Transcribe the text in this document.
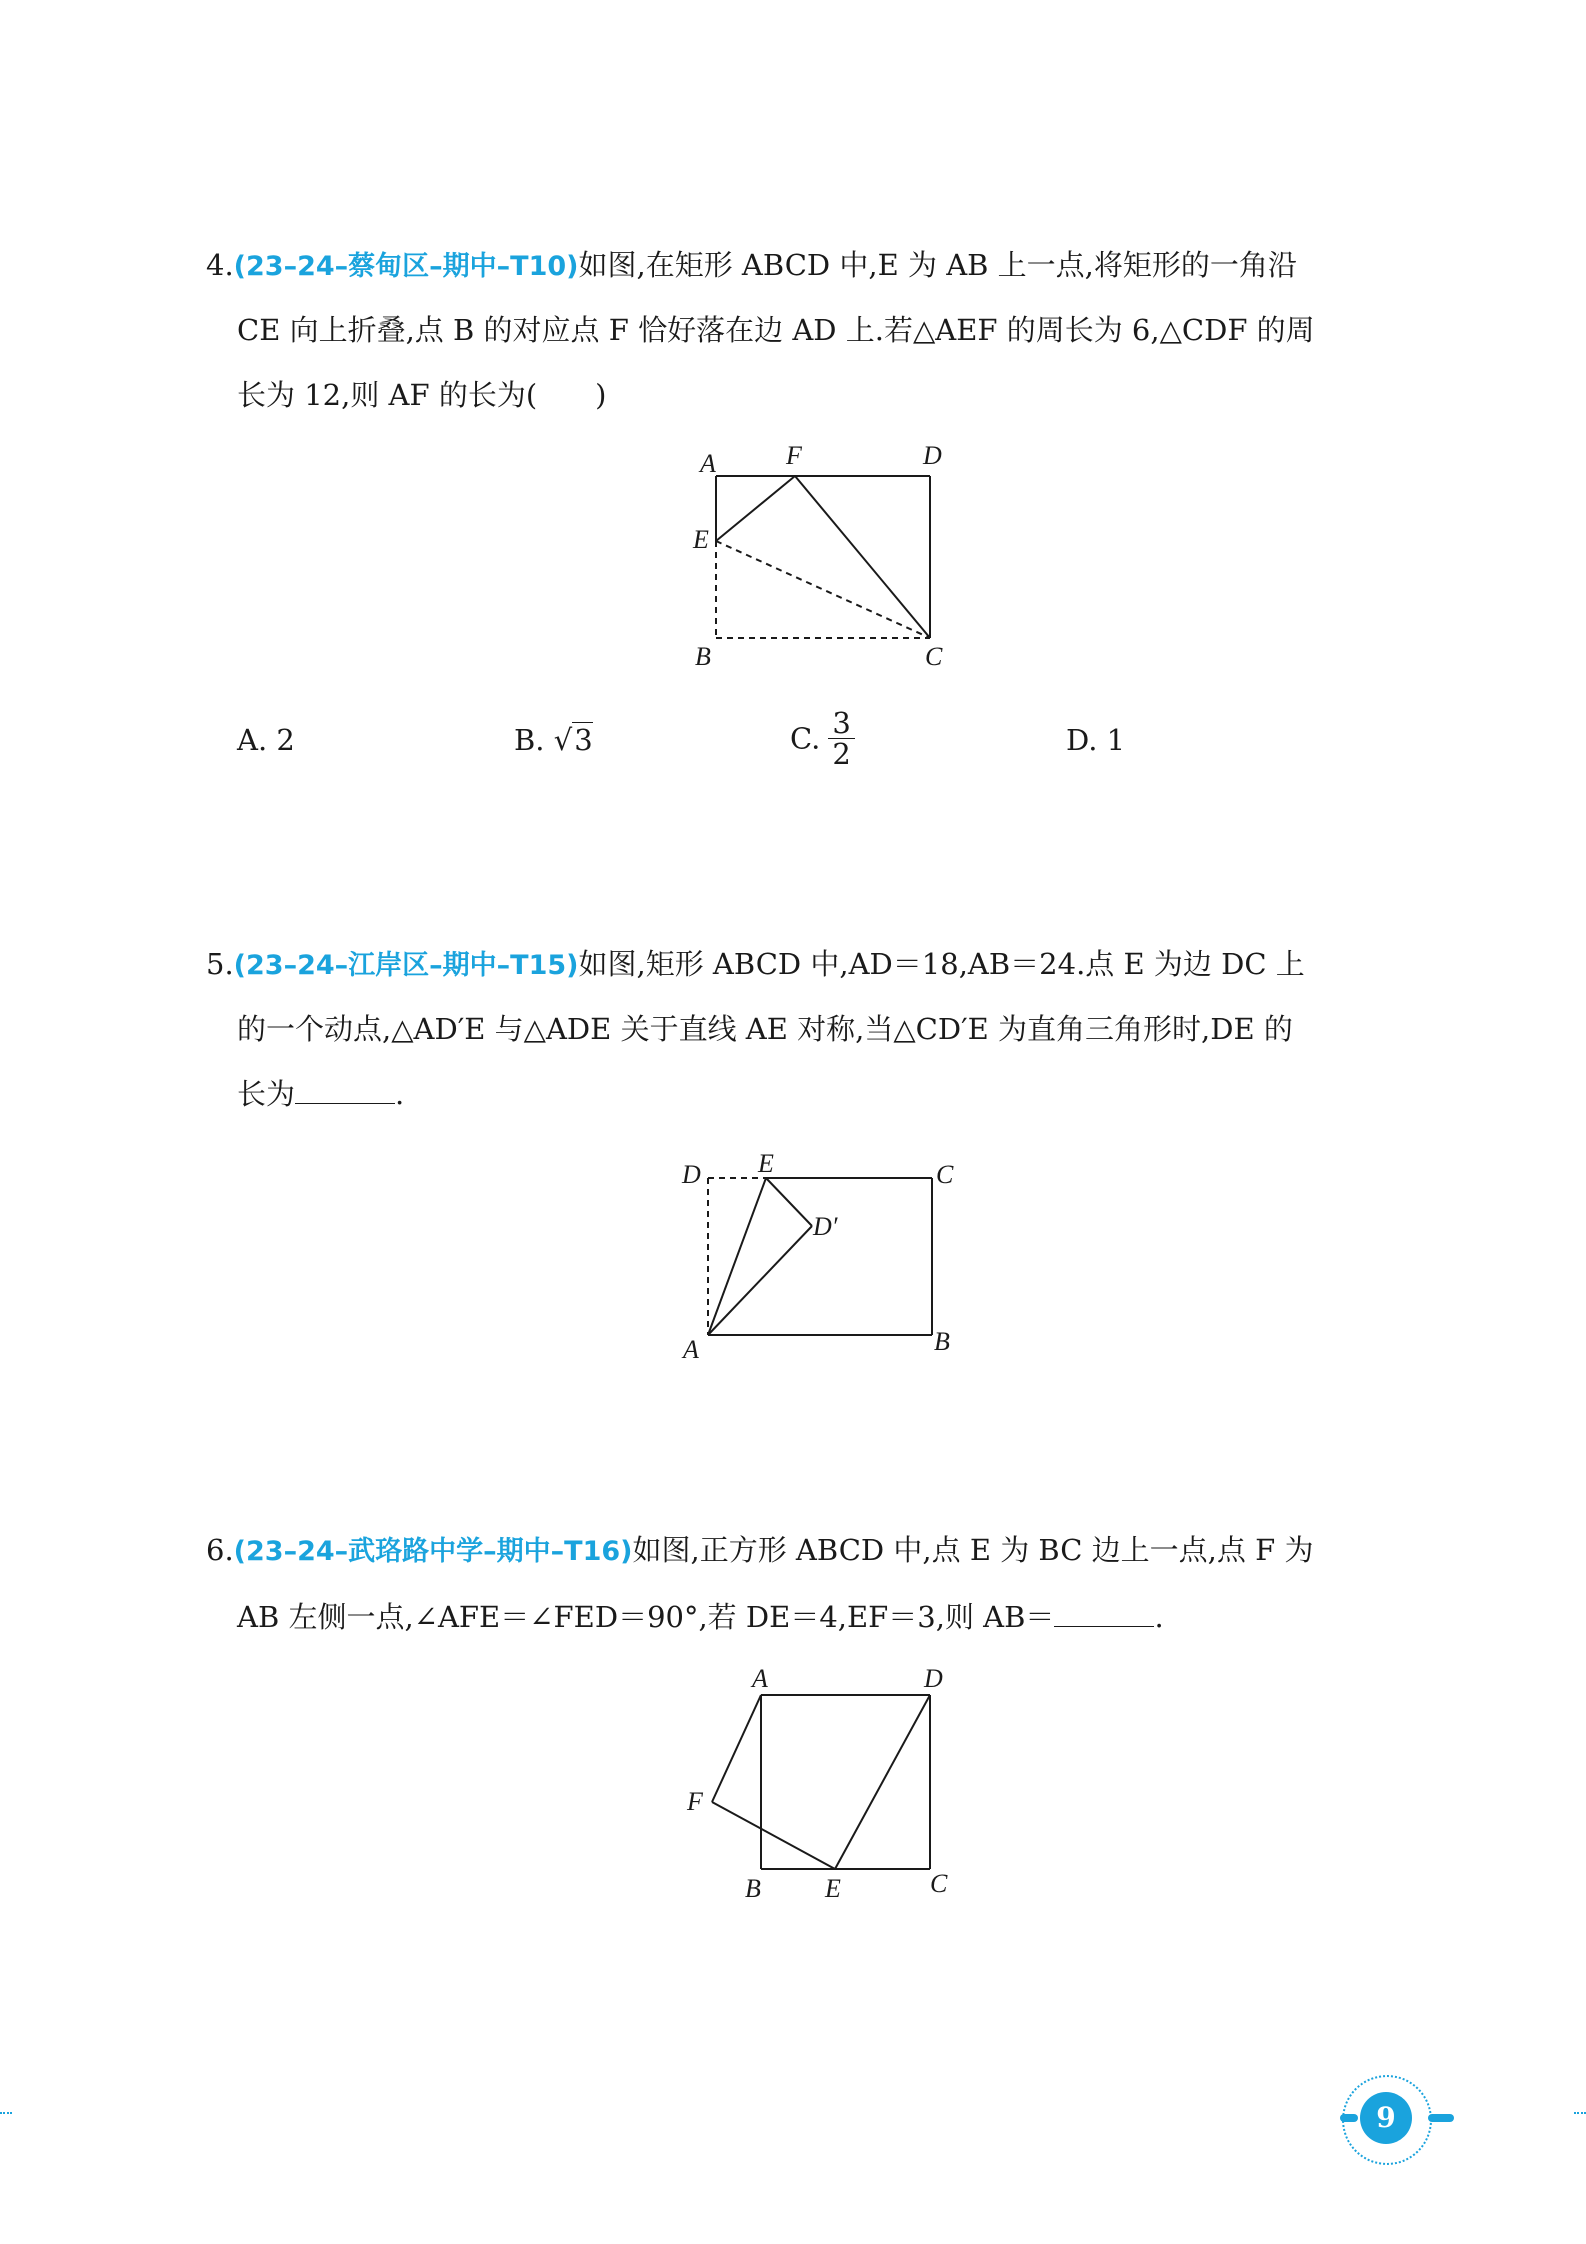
4.(23–24–蔡甸区–期中–T10)如图,在矩形 ABCD 中,E 为 AB 上一点,将矩形的一角沿
CE 向上折叠,点 B 的对应点 F 恰好落在边 AD 上.若△AEF 的周长为 6,△CDF 的周
长为 12,则 AF 的长为(　　)
A	F	D
E
B	C
A. 2	B. √3	C. $\frac{3}{2}$	D. 1
5.(23–24–江岸区–期中–T15)如图,矩形 ABCD 中,AD＝18,AB＝24.点 E 为边 DC 上
的一个动点,△AD′E 与△ADE 关于直线 AE 对称,当△CD′E 为直角三角形时,DE 的
长为	.
D E	C
D′
A	B
6.(23–24–武珞路中学–期中–T16)如图,正方形 ABCD 中,点 E 为 BC 边上一点,点 F 为
AB 左侧一点,∠AFE＝∠FED＝90°,若 DE＝4,EF＝3,则 AB＝	.
A	D
F
B E	C
9
